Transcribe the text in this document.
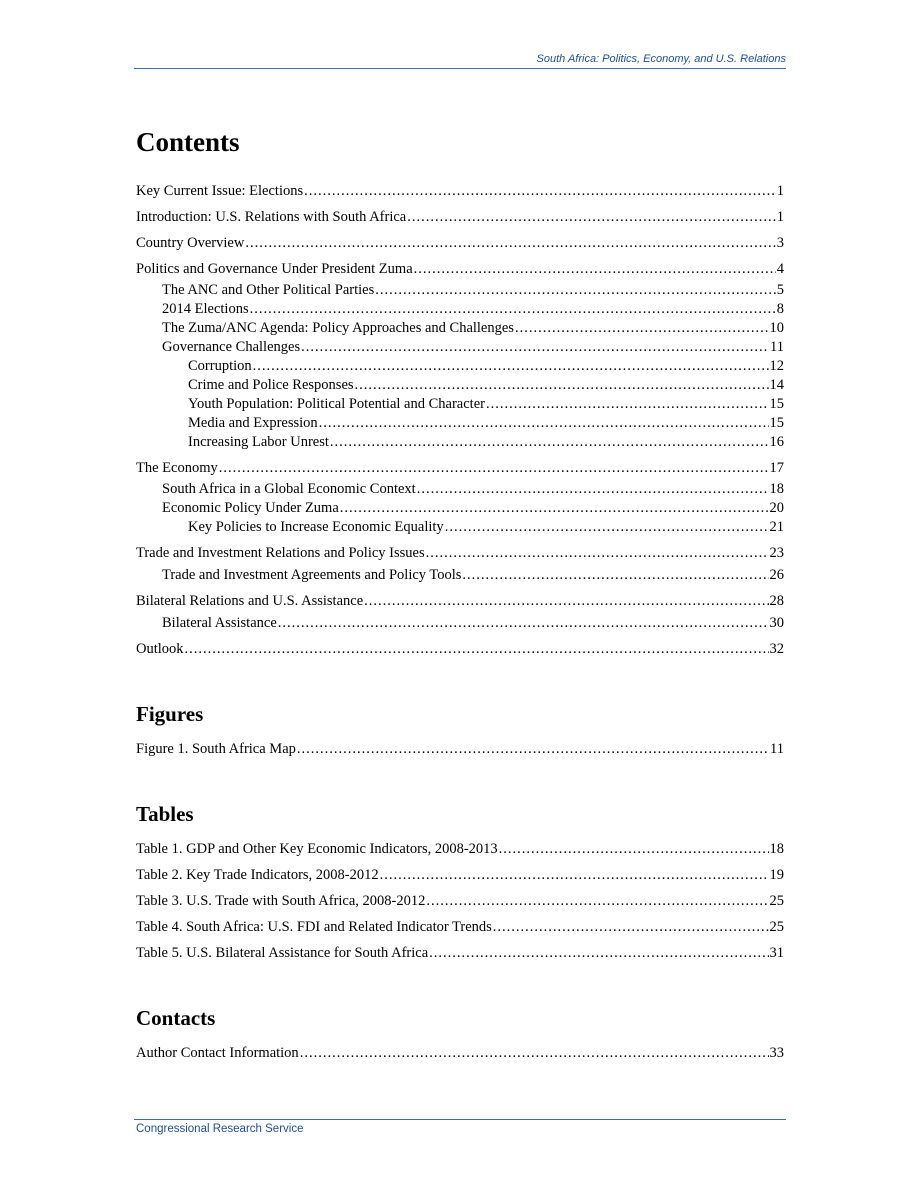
South Africa: Politics, Economy, and U.S. Relations
Contents
Key Current Issue: Elections .....	1
Introduction: U.S. Relations with South Africa .....	1
Country Overview .....	3
Politics and Governance Under President Zuma .....	4
The ANC and Other Political Parties .....	5
2014 Elections .....	8
The Zuma/ANC Agenda: Policy Approaches and Challenges .....	10
Governance Challenges .....	11
Corruption .....	12
Crime and Police Responses .....	14
Youth Population: Political Potential and Character .....	15
Media and Expression .....	15
Increasing Labor Unrest .....	16
The Economy .....	17
South Africa in a Global Economic Context .....	18
Economic Policy Under Zuma .....	20
Key Policies to Increase Economic Equality .....	21
Trade and Investment Relations and Policy Issues .....	23
Trade and Investment Agreements and Policy Tools .....	26
Bilateral Relations and U.S. Assistance .....	28
Bilateral Assistance .....	30
Outlook .....	32
Figures
Figure 1. South Africa Map .....	11
Tables
Table 1. GDP and Other Key Economic Indicators, 2008-2013 .....	18
Table 2. Key Trade Indicators, 2008-2012 .....	19
Table 3. U.S. Trade with South Africa, 2008-2012 .....	25
Table 4. South Africa: U.S. FDI and Related Indicator Trends .....	25
Table 5. U.S. Bilateral Assistance for South Africa .....	31
Contacts
Author Contact Information .....	33
Congressional Research Service
